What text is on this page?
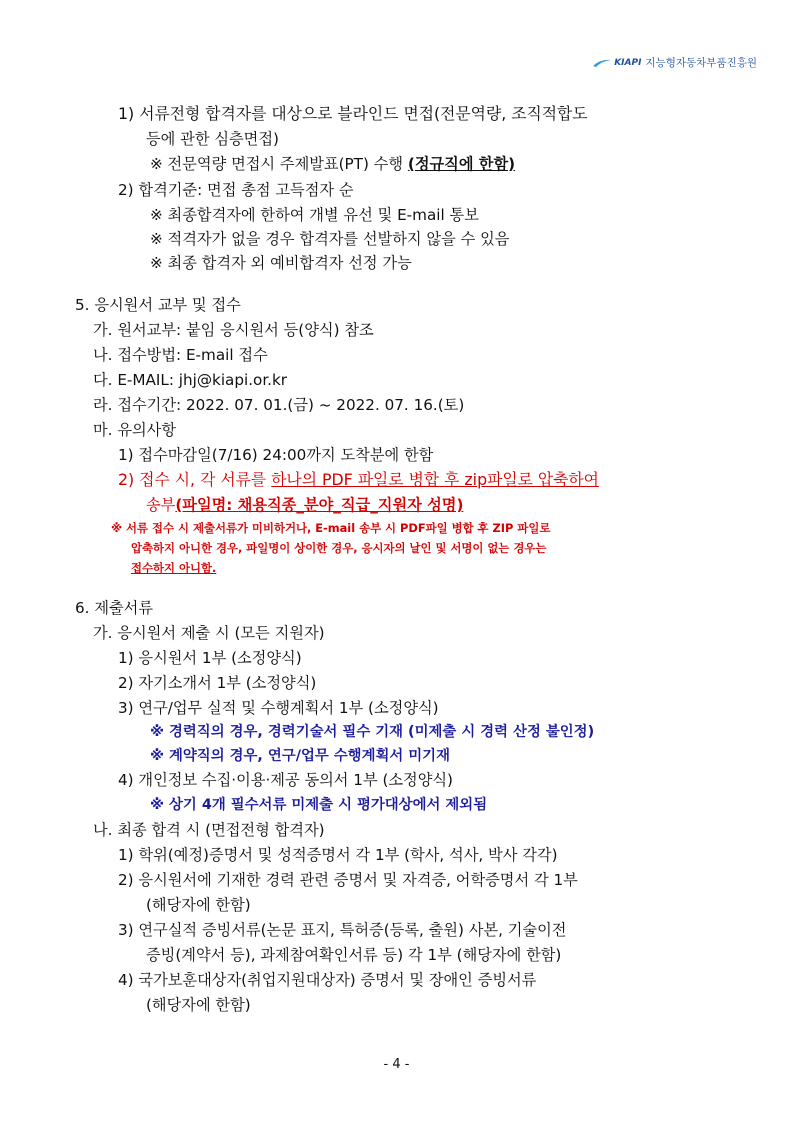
KIAPI 지능형자동차부품진흥원
1) 서류전형 합격자를 대상으로 블라인드 면접(전문역량, 조직적합도
등에 관한 심층면접)
※ 전문역량 면접시 주제발표(PT) 수행 (정규직에 한함)
2) 합격기준: 면접 총점 고득점자 순
※ 최종합격자에 한하여 개별 유선 및 E-mail 통보
※ 적격자가 없을 경우 합격자를 선발하지 않을 수 있음
※ 최종 합격자 외 예비합격자 선정 가능
5. 응시원서 교부 및 접수
가. 원서교부: 붙임 응시원서 등(양식) 참조
나. 접수방법: E-mail 접수
다. E-MAIL: jhj@kiapi.or.kr
라. 접수기간: 2022. 07. 01.(금) ~ 2022. 07. 16.(토)
마. 유의사항
1) 접수마감일(7/16) 24:00까지 도착분에 한함
2) 접수 시, 각 서류를 하나의 PDF 파일로 병합 후 zip파일로 압축하여
송부(파일명: 채용직종_분야_직급_지원자 성명)
※ 서류 접수 시 제출서류가 미비하거나, E-mail 송부 시 PDF파일 병합 후 ZIP 파일로
압축하지 아니한 경우, 파일명이 상이한 경우, 응시자의 날인 및 서명이 없는 경우는
접수하지 아니함.
6. 제출서류
가. 응시원서 제출 시 (모든 지원자)
1) 응시원서 1부 (소정양식)
2) 자기소개서 1부 (소정양식)
3) 연구/업무 실적 및 수행계획서 1부 (소정양식)
※ 경력직의 경우, 경력기술서 필수 기재 (미제출 시 경력 산정 불인정)
※ 계약직의 경우, 연구/업무 수행계획서 미기재
4) 개인정보 수집·이용·제공 동의서 1부 (소정양식)
※ 상기 4개 필수서류 미제출 시 평가대상에서 제외됨
나. 최종 합격 시 (면접전형 합격자)
1) 학위(예정)증명서 및 성적증명서 각 1부 (학사, 석사, 박사 각각)
2) 응시원서에 기재한 경력 관련 증명서 및 자격증, 어학증명서 각 1부
(해당자에 한함)
3) 연구실적 증빙서류(논문 표지, 특허증(등록, 출원) 사본, 기술이전
증빙(계약서 등), 과제참여확인서류 등) 각 1부 (해당자에 한함)
4) 국가보훈대상자(취업지원대상자) 증명서 및 장애인 증빙서류
(해당자에 한함)
- 4 -
